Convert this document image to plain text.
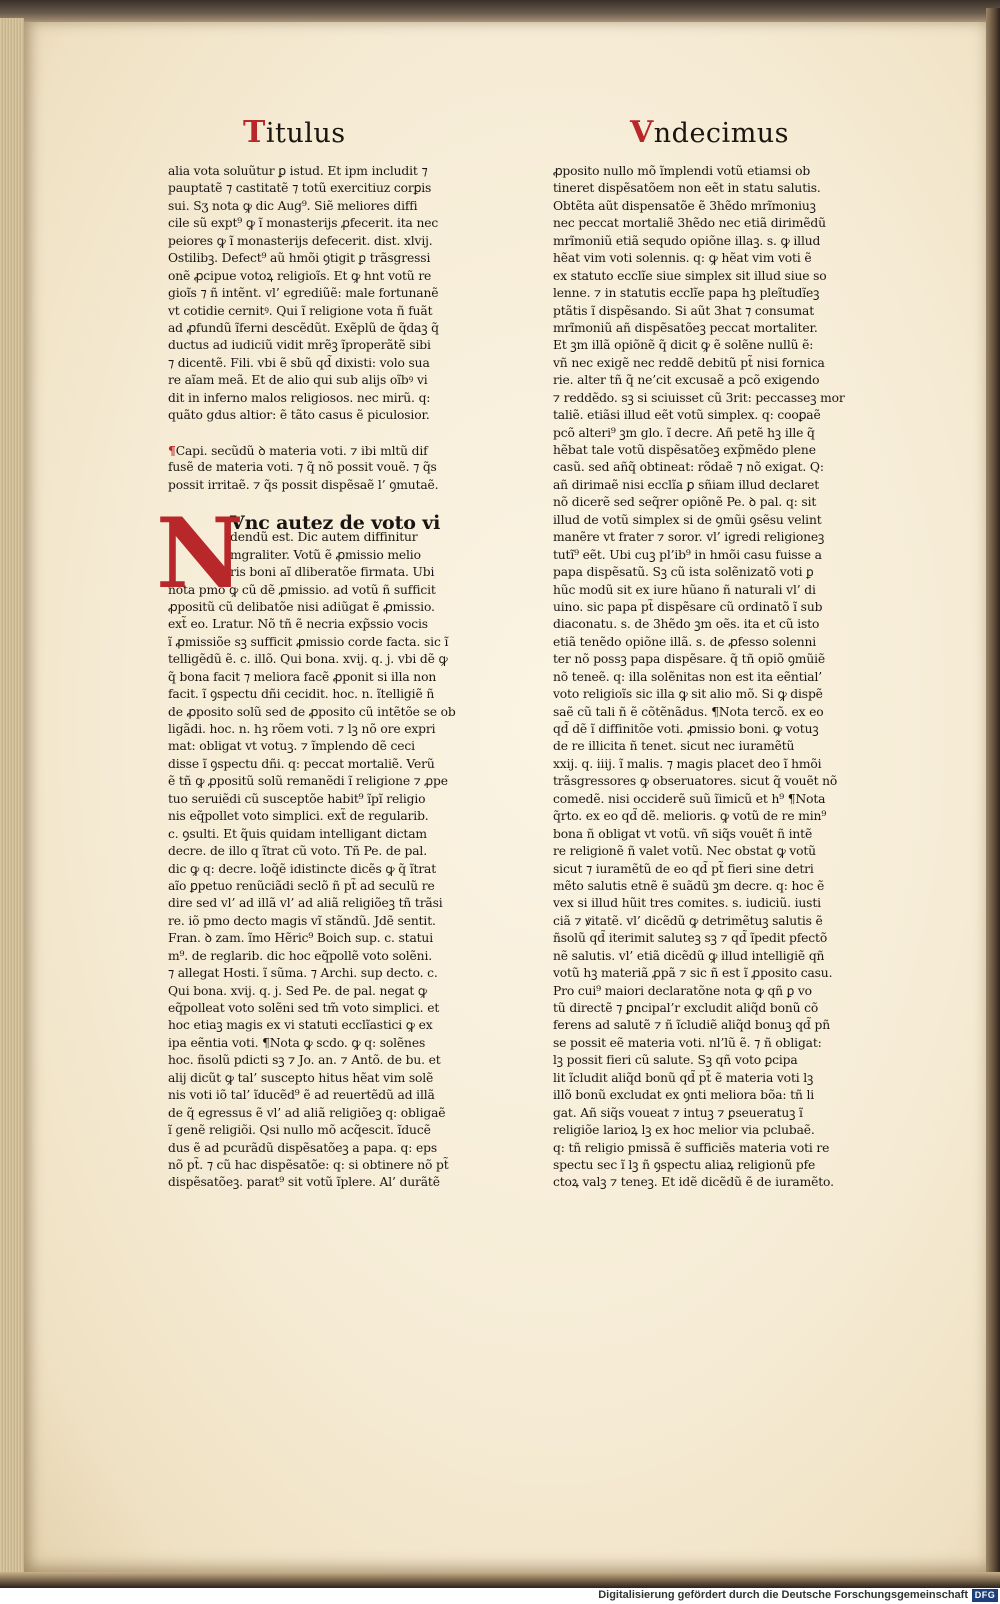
Titulus	Vndecimus
alia vota soluũtur ꝑ istud. Et ipm includit ⁊
pauptatẽ ⁊ castitatẽ ⁊ totũ exercitiuz corꝑis
sui. Sʒ nota ꝙ dic Aug⁹. Siẽ meliores diffi
cile sũ expt⁹ ꝙ ĩ monasterijs ꝓfecerit. ita nec
peiores ꝙ ĩ monasterijs defecerit. dist. xlvij.
Ostilibꝫ. Defect⁹ aũ hmõi ꝯtigit ꝑ trãsgressi
onẽ ꝓcipue votoꝝ religioĩs. Et ꝙ hnt votũ re
gioĩs ⁊ ñ intẽnt. vl’ egrediũẽ: male fortunanẽ
vt cotidie cernitꝰ. Qui ĩ religione vota ñ fuãt
ad ꝓfundũ ĩferni descẽdũt. Exẽplũ de q̃daꝫ q̃
ductus ad iudiciũ vidit mrẽꝫ ĩproperãtẽ sibi
⁊ dicentẽ. Fili. vbi ẽ sbũ qd̃ dixisti: volo sua
re aĩam meã. Et de alio qui sub alijs oĩbꝰ vi
dit in inferno malos religiosos. nec mirũ. q:
quãto gdus altior: ẽ tãto casus ẽ piculosior.
¶Capi. secũdũ ꝺ materia voti. ⁊ ibi mltũ dif
fusẽ de materia voti. ⁊ q̃ nõ possit vouẽ. ⁊ q̃s
possit irritaẽ. ⁊ q̃s possit dispẽsaẽ l’ ꝯmutaẽ.
N
Vnc autez de voto vi
dendũ est. Dic autem diffinitur
mgraliter. Votũ ẽ ꝓmissio melio
ris boni aĩ dliberatõe firmata. Ubi
nota pmo ꝙ cũ dẽ ꝓmissio. ad votũ ñ sufficit
ꝓpositũ cũ delibatõe nisi adiũgat ẽ ꝓmissio.
ext̃ eo. Lratur. Nõ tñ ẽ necria exp̃ssio vocis
ĩ ꝓmissiõe sꝫ sufficit ꝓmissio corde facta. sic ĩ
telligẽdũ ẽ. c. illõ. Qui bona. xvij. q. j. vbi dẽ ꝙ
q̃ bona facit ⁊ meliora facẽ ꝓponit si illa non
facit. ĩ ꝯspectu dñi cecidit. hoc. n. ĩtelligiẽ ñ
de ꝓposito solũ sed de ꝓposito cũ intẽtõe se ob
ligãdi. hoc. n. hꝫ rõem voti. ⁊ lꝫ nõ ore expri
mat: obligat vt votuꝫ. ⁊ ĩmplendo dẽ ceci
disse ĩ ꝯspectu dñi. q: peccat mortaliẽ. Verũ
ẽ tñ ꝙ ꝓpositũ solũ remanẽdi ĩ religione ⁊ ꝓpe
tuo seruiẽdi cũ susceptõe habit⁹ ĩpĩ religio
nis eq̃pollet voto simplici. ext̃ de regularib.
c. ꝯsulti. Et q̃uis quidam intelligant dictam
decre. de illo q ĩtrat cũ voto. Tñ Pe. de pal.
dic ꝙ q: decre. loq̃ẽ idistincte dicẽs ꝙ q̃ ĩtrat
aĩo ꝑpetuo renũciãdi seclõ ñ pt̃ ad seculũ re
dire sed vl’ ad illã vl’ ad aliã religiõeꝫ tñ trãsi
re. iõ pmo decto magis vĩ stãndũ. Jdẽ sentit.
Fran. ꝺ zam. ĩmo Hẽric⁹ Boich sup. c. statui
m⁹. de reglarib. dic hoc eq̃pollẽ voto solẽni.
⁊ allegat Hosti. ĩ sũma. ⁊ Archi. sup decto. c.
Qui bona. xvij. q. j. Sed Pe. de pal. negat ꝙ
eq̃polleat voto solẽni sed tm̃ voto simplici. et
hoc etiaꝫ magis ex vi statuti ecclĩastici ꝙ ex
ipa eẽntia voti. ¶Nota ꝙ scdo. ꝙ q: solẽnes
hoc. ñsolũ pdicti sꝫ ⁊ Jo. an. ⁊ Antõ. de bu. et
alij dicũt ꝙ tal’ suscepto hitus hẽat vim solẽ
nis voti iõ tal’ ĩducẽd⁹ ẽ ad reuertẽdũ ad illã
de q̃ egressus ẽ vl’ ad aliã religiõeꝫ q: obligaẽ
ĩ genẽ religiõi. Qsi nullo mõ acq̃escit. ĩducẽ
dus ẽ ad pcurãdũ dispẽsatõeꝫ a papa. q: eps
nõ pt̃. ⁊ cũ hac dispẽsatõe: q: si obtinere nõ pt̃
dispẽsatõeꝫ. parat⁹ sit votũ ĩplere. Al’ durãtẽ
ꝓposito nullo mõ ĩmplendi votũ etiamsi ob
tineret dispẽsatõem non eẽt in statu salutis.
Obtẽta aũt dispensatõe ẽ 3hẽdo mrĩmoniuꝫ
nec peccat mortaliẽ 3hẽdo nec etiã dirimẽdũ
mrĩmoniũ etiã sequdo opiõne illaꝫ. s. ꝙ illud
hẽat vim voti solennis. q: ꝙ hẽat vim voti ẽ
ex statuto ecclĩe siue simplex sit illud siue so
lenne. ⁊ in statutis ecclĩe papa hꝫ pleĩtudĩeꝫ
ptãtis ĩ dispẽsando. Si aũt 3hat ⁊ consumat
mrĩmoniũ añ dispẽsatõeꝫ peccat mortaliter.
Et ꝫm illã opiõnẽ q̃ dicit ꝙ ẽ solẽne nullũ ẽ:
vñ nec exigẽ nec reddẽ debitũ pt̃ nisi fornica
rie. alter tñ q̃ ne’cit excusaẽ a pcõ exigendo
⁊ reddẽdo. sꝫ si sciuisset cũ 3rit: peccasseꝫ mor
taliẽ. etiãsi illud eẽt votũ simplex. q: cooꝑaẽ
pcõ alteri⁹ ꝫm glo. ĩ decre. Añ petẽ hꝫ ille q̃
hẽbat tale votũ dispẽsatõeꝫ exp̃mẽdo plene
casũ. sed añq̃ obtineat: rõdaẽ ⁊ nõ exigat. Q:
añ dirimaẽ nisi ecclĩa ꝑ sñiam illud declaret
nõ dicerẽ sed seq̃rer opiõnẽ Pe. ꝺ pal. q: sit
illud de votũ simplex si de ꝯmũi ꝯsẽsu velint
manẽre vt frater ⁊ soror. vl’ igredi religioneꝫ
tutĩ⁹ eẽt. Ubi cuꝫ pl’ib⁹ in hmõi casu fuisse a
papa dispẽsatũ. Sꝫ cũ ista solẽnizatõ voti ꝑ
hũc modũ sit ex iure hũano ñ naturali vl’ di
uino. sic papa pt̃ dispẽsare cũ ordinatõ ĩ sub
diaconatu. s. de 3hẽdo ꝫm oẽs. ita et cũ isto
etiã tenẽdo opiõne illã. s. de ꝓfesso solenni
ter nõ possꝫ papa dispẽsare. q̃ tñ opiõ ꝯmũiẽ
nõ teneẽ. q: illa solẽnitas non est ita eẽntial’
voto religioĩs sic illa ꝙ sit alio mõ. Si ꝙ dispẽ
saẽ cũ tali ñ ẽ cõtẽnãdus. ¶Nota tercõ. ex eo
qd̃ dẽ ĩ diffinitõe voti. ꝓmissio boni. ꝙ votuꝫ
de re illicita ñ tenet. sicut nec iuramẽtũ
xxij. q. iiij. ĩ malis. ⁊ magis placet deo ĩ hmõi
trãsgressores ꝙ obseruatores. sicut q̃ vouẽt nõ
comedẽ. nisi occiderẽ suũ ĩimicũ et h⁹ ¶Nota
q̃rto. ex eo qd̃ dẽ. melioris. ꝙ votũ de re min⁹
bona ñ obligat vt votũ. vñ siq̃s vouẽt ñ intẽ
re religionẽ ñ valet votũ. Nec obstat ꝙ votũ
sicut ⁊ iuramẽtũ de eo qd̃ pt̃ fieri sine detri
mẽto salutis etnẽ ẽ suãdũ ꝫm decre. q: hoc ẽ
vex si illud hũit tres comites. s. iudiciũ. iusti
ciã ⁊ ꝟitatẽ. vl’ dicẽdũ ꝙ detrimẽtuꝫ salutis ẽ
ñsolũ qd̃ iterimit saluteꝫ sꝫ ⁊ qd̃ ĩpedit pfectõ
nẽ salutis. vl’ etiã dicẽdũ ꝙ illud intelligiẽ qñ
votũ hꝫ materiã ꝓpã ⁊ sic ñ est ĩ ꝓposito casu.
Pro cui⁹ maiori declaratõne nota ꝙ qñ ꝑ vo
tũ directẽ ⁊ ꝑncipal’r excludit aliq̃d bonũ cõ
ferens ad salutẽ ⁊ ñ ĩcludiẽ aliq̃d bonuꝫ qd̃ pñ
se possit eẽ materia voti. nl’lũ ẽ. ⁊ ñ obligat:
lꝫ possit fieri cũ salute. Sꝫ qñ voto ꝑcipa
lit ĩcludit aliq̃d bonũ qd̃ pt̃ ẽ materia voti lꝫ
illõ bonũ excludat ex ꝯnti meliora bõa: tñ li
gat. Añ siq̃s voueat ⁊ intuꝫ ⁊ ꝑseueratuꝫ ĩ
religiõe larioꝝ lꝫ ex hoc melior via pclubaẽ.
q: tñ religio pmissã ẽ sufficiẽs materia voti re
spectu sec ĩ lꝫ ñ ꝯspectu aliaꝝ religionũ pfe
ctoꝝ valꝫ ⁊ teneꝫ. Et idẽ dicẽdũ ẽ de iuramẽto.
Digitalisierung gefördert durch die Deutsche Forschungsgemeinschaft DFG
